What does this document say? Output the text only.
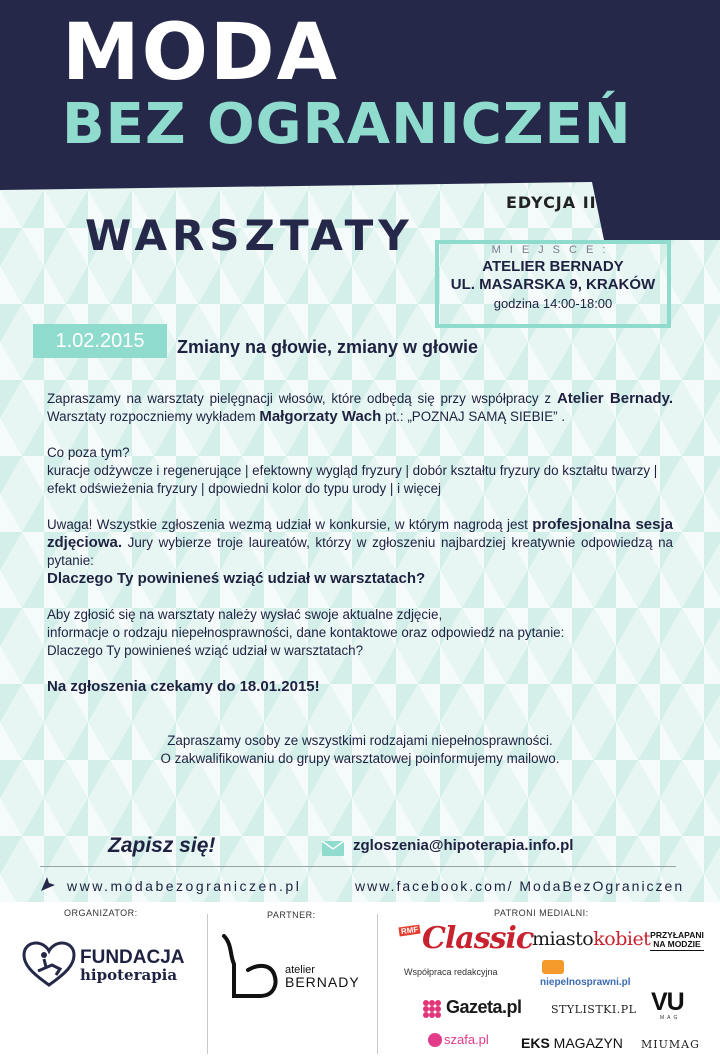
MODA
BEZ OGRANICZEŃ
EDYCJA II
WARSZTATY	MIEJSCE:
ATELIER BERNADY
UL. MASARSKA 9, KRAKÓW
godzina 14:00-18:00
1.02.2015	Zmiany na głowie, zmiany w głowie

Zapraszamy na warsztaty pielęgnacji włosów, które odbędą się przy współpracy z Atelier Bernady. Warsztaty rozpoczniemy wykładem Małgorzaty Wach pt.: „POZNAJ SAMĄ SIEBIE” .

Co poza tym?

kuracje odżywcze i regenerujące | efektowny wygląd fryzury | dobór kształtu fryzury do kształtu twarzy | efekt odświeżenia fryzury | dpowiedni kolor do typu urody | i więcej

Uwaga! Wszystkie zgłoszenia wezmą udział w konkursie, w którym nagrodą jest profesjonalna sesja zdjęciowa. Jury wybierze troje laureatów, którzy w zgłoszeniu najbardziej kreatywnie odpowiedzą na pytanie:

Dlaczego Ty powinieneś wziąć udział w warsztatach?

Aby zgłosić się na warsztaty należy wysłać swoje aktualne zdjęcie,

informacje o rodzaju niepełnosprawności, dane kontaktowe oraz odpowiedź na pytanie:

Dlaczego Ty powinieneś wziąć udział w warsztatach?

Na zgłoszenia czekamy do 18.01.2015!

Zapraszamy osoby ze wszystkimi rodzajami niepełnosprawności.

O zakwalifikowaniu do grupy warsztatowej poinformujemy mailowo.

Zapisz się!	zgloszenia@hipoterapia.info.pl
www.modabezograniczen.pl	www.facebook.com/ ModaBezOgraniczen
ORGANIZATOR:	PARTNER:	PATRONI MEDIALNI:
FUNDACJA
hipoterapia	atelier
BERNADY
RMF Classic
Współpraca redakcyjna
miastokobiet PRZYŁAPANI NA MODZIE
niepelnosprawni.pl
Gazeta.pl	STYLISTKI.PL VU
MAG
szafa.pl EKS MAGAZYN MIUMAG
